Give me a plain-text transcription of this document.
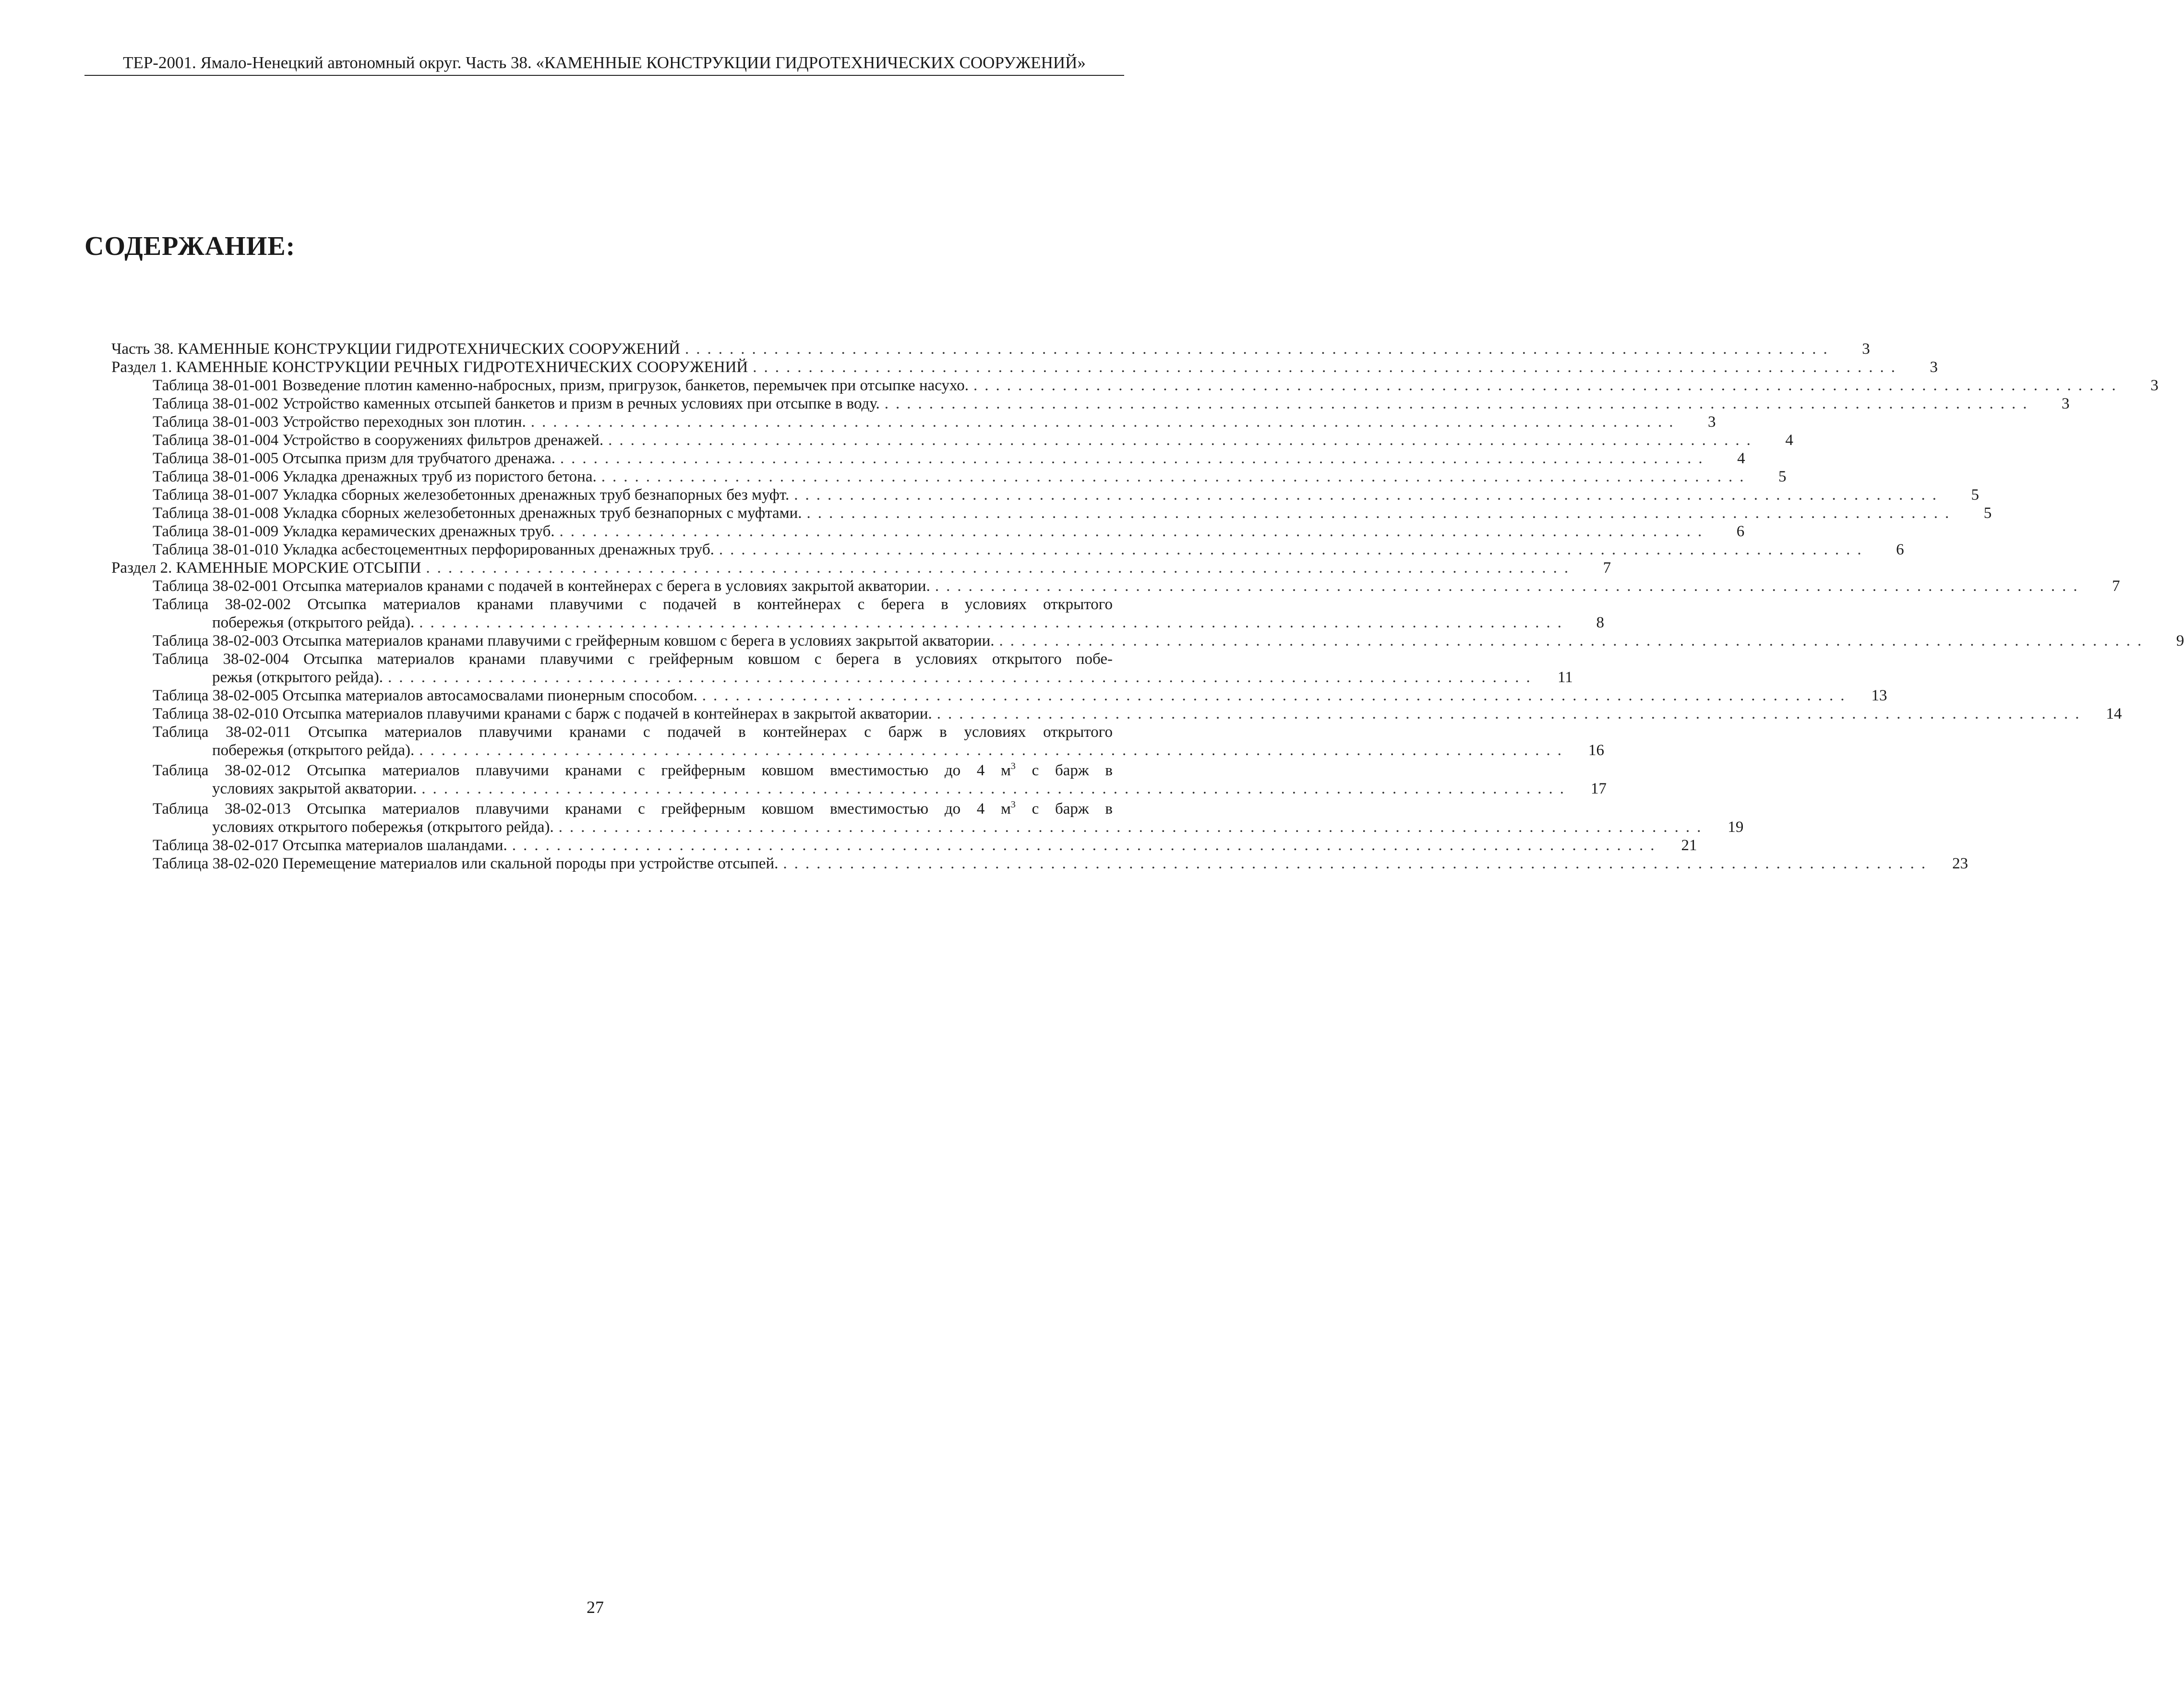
ТЕР-2001. Ямало-Ненецкий автономный округ. Часть 38. «КАМЕННЫЕ КОНСТРУКЦИИ ГИДРОТЕХНИЧЕСКИХ СООРУЖЕНИЙ»
СОДЕРЖАНИЕ:
Часть 38. КАМЕННЫЕ КОНСТРУКЦИИ ГИДРОТЕХНИЧЕСКИХ СООРУЖЕНИЙ .......................................................................................................	3
Раздел 1. КАМЕННЫЕ КОНСТРУКЦИИ РЕЧНЫХ ГИДРОТЕХНИЧЕСКИХ СООРУЖЕНИЙ .......................................................................................................	3
Таблица 38-01-001 Возведение плотин каменно-набросных, призм, пригрузок, банкетов, перемычек при отсыпке насухо. .......................................................................................................	3
Таблица 38-01-002 Устройство каменных отсыпей банкетов и призм в речных условиях при отсыпке в воду. .......................................................................................................	3
Таблица 38-01-003 Устройство переходных зон плотин. .......................................................................................................	3
Таблица 38-01-004 Устройство в сооружениях фильтров дренажей. .......................................................................................................	4
Таблица 38-01-005 Отсыпка призм для трубчатого дренажа. .......................................................................................................	4
Таблица 38-01-006 Укладка дренажных труб из пористого бетона. .......................................................................................................	5
Таблица 38-01-007 Укладка сборных железобетонных дренажных труб безнапорных без муфт. .......................................................................................................	5
Таблица 38-01-008 Укладка сборных железобетонных дренажных труб безнапорных с муфтами. .......................................................................................................	5
Таблица 38-01-009 Укладка керамических дренажных труб. .......................................................................................................	6
Таблица 38-01-010 Укладка асбестоцементных перфорированных дренажных труб. .......................................................................................................	6
Раздел 2. КАМЕННЫЕ МОРСКИЕ ОТСЫПИ .......................................................................................................	7
Таблица 38-02-001 Отсыпка материалов кранами с подачей в контейнерах с берега в условиях закрытой акватории. .......................................................................................................	7
Таблица 38-02-002 Отсыпка материалов кранами плавучими с подачей в контейнерах с берега в условиях открытого
побережья (открытого рейда). .......................................................................................................	8
Таблица 38-02-003 Отсыпка материалов кранами плавучими с грейферным ковшом с берега в условиях закрытой акватории. .......................................................................................................	9
Таблица 38-02-004 Отсыпка материалов кранами плавучими с грейферным ковшом с берега в условиях открытого побе-
режья (открытого рейда). .......................................................................................................	11
Таблица 38-02-005 Отсыпка материалов автосамосвалами пионерным способом. .......................................................................................................	13
Таблица 38-02-010 Отсыпка материалов плавучими кранами с барж с подачей в контейнерах в закрытой акватории. .......................................................................................................	14
Таблица 38-02-011 Отсыпка материалов плавучими кранами с подачей в контейнерах с барж в условиях открытого
побережья (открытого рейда). .......................................................................................................	16
Таблица 38-02-012 Отсыпка материалов плавучими кранами с грейферным ковшом вместимостью до 4 $м^3$ с барж в
условиях закрытой акватории. .......................................................................................................	17
Таблица 38-02-013 Отсыпка материалов плавучими кранами с грейферным ковшом вместимостью до 4 $м^3$ с барж в
условиях открытого побережья (открытого рейда). .......................................................................................................	19
Таблица 38-02-017 Отсыпка материалов шаландами. .......................................................................................................	21
Таблица 38-02-020 Перемещение материалов или скальной породы при устройстве отсыпей. .......................................................................................................	23
27
